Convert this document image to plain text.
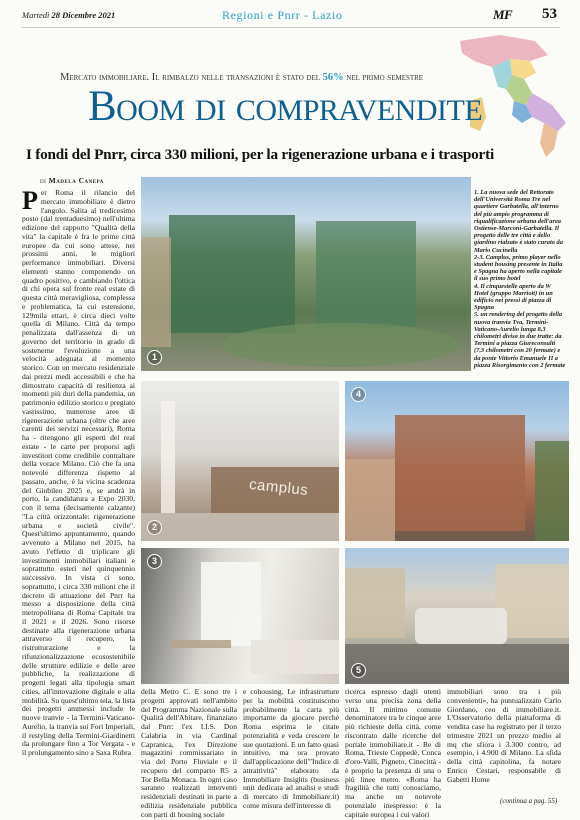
Martedì 28 Dicembre 2021	Regioni e Pnrr - Lazio	MF 53
Mercato immobiliare. Il rimbalzo nelle transazioni è stato del 56% nel primo semestre
Boom di compravendite
I fondi del Pnrr, circa 330 milioni, per la rigenerazione urbana e i trasporti
di Madela Canepa
P er Roma il rilancio del mercato immobiliare è dietro l'angolo. Salita al tredicesimo posto (dal trentaduesimo) nell'ultima edizione del rapporto "Qualità della vita" la capitale è fra le prime città europee da cui sono attese, nei prossimi anni, le migliori performance immobiliari. Diversi elementi stanno componendo un quadro positivo, e cambiando l'ottica di chi opera sul fronte real estate di questa città meravigliosa, complessa e problematica, la cui estensione, 129mila ettari, è circa dieci volte quella di Milano. Città da tempo penalizzata dall'assenza di un governo del territorio in grado di sostenerne l'evoluzione a una velocità adeguata al momento storico. Con un mercato residenziale dai prezzi medi accessibili e che ha dimostrato capacità di resilienza ai momenti più duri della pandemia, un patrimonio edilizio storico e pregiato vastissimo, numerose aree di rigenerazione urbana (oltre che aree carenti dei servizi necessari), Roma ha - ritengono gli esperti del real estate - le carte per proporsi agli investitori come credibile contraltare della vorace Milano. Ciò che fa una notevole differenza rispetto al passato, anche, è la vicina scadenza del Giubileo 2025 e, se andrà in porto, la candidatura a Expo 2030, con il tema (decisamente calzante) "La città orizzontale: rigenerazione urbana e società civile". Quest'ultimo appuntamento, quando avvenuto a Milano nel 2015, ha avuto l'effetto di triplicare gli investimenti immobiliari italiani e soprattutto esteri nel quinquennio successivo. In vista ci sono, soprattutto, i circa 330 milioni che il decreto di attuazione del Pnrr ha messo a disposizione della città metropolitana di Roma Capitale tra il 2021 e il 2026. Sono risorse destinate alla rigenerazione urbana attraverso il recupero, la ristrutturazione e la rifunzionalizzazione ecosostenibile delle strutture edilizie e delle aree pubbliche, la realizzazione di progetti legati alla tipologia smart cities, all'innovazione digitale e alla mobilità. Su quest'ultimo tela, la lista dei progetti ammessi include le nuove tranvie - la Termini-Vaticano-Aurelio, la tranvia sui Fori Imperiali, il restyling della Termini-Giardinetti da prolungare fino a Tor Vergata - e il prolungamento sino a Saxa Rubra
1

1. La nuova sede del Rettorato dell'Università Roma Tre nel quartiere Garbatella, all'interno del più ampio programma di riqualificazione urbana dell'area Ostiense-Marconi-Garbatella. Il progetto delle tre città e dello giardino rialzato è stato curato da Mario Cucinella

2-3. Camplus, primo player nello student housing presente in Italia e Spagna ha aperto nella capitale il suo primo hotel

4. Il cinquestelle aperto da W Hotel (gruppo Marriott) in un edificio nei pressi di piazza di Spagna

5. un rendering del progetto della nuova tranvia Tva, Termini-Vaticano-Aurelio lunga 8,3 chilometri divisa in due tratte: da Termini a piazza Giureconsulti (7,3 chilometri con 20 fermate) e da ponte Vittorio Emanuele II a piazza Risorgimento con 2 fermate

camplus
2
3
4
5
della Metro C. E sono tre i progetti approvati nell'ambito del Programma Nazionale sulla Qualità dell'Abitare, finanziato dal Pnrr: l'ex I.I.S. Don Calabria in via Cardinal Capranica, l'ex Direzione magazzini commissariato in via del Porto Fluviale e il recupero del comparto R5 a Tor Bella Monaca. In ogni caso saranno realizzati interventi residenziali destinati in parte a edilizia residenziale pubblica con parti di housing sociale
e cohousing. Le infrastrutture per la mobilità costituiscono probabilmente la carta più importante da giocare perché Roma esprima le citate potenzialità e veda crescere le sue quotazioni. E un fatto quasi intuitivo, ma ora provato dall'applicazione dell'"Indice di attrattività" elaborato da Immobiliare Insights (business unit dedicata ad analisi e studi di mercato di Immobiliare.it) come misura dell'interesse di
ricerca espresso dagli utenti verso una precisa zona della città. Il minimo comune denominatore tra le cinque aree più richieste della città, come riscontrato dalle ricerche del portale immobiliare.it - Re di Roma, Trieste Coppedè, Conca d'oro-Valli, Pigneto, Cinecittà - è proprio la presenza di una o più linee metro. «Roma ha fragilità che tutti conosciamo, ma anche un notevole potenziale inespresso: è la capitale europea i cui valori
immobiliari sono tra i più convenienti», ha puntualizzato Carlo Giordano, ceo di immobiliare.it. L'Osservatorio della piattaforma di vendita case ha registrato per il terzo trimestre 2021 un prezzo medio al mq che sfiora i 3.300 contro, ad esempio, i 4.900 di Milano. La sfida della città capitolina, fa notare Enrico Cestari, responsabile di Gabetti Home
(continua a pag. 55)
